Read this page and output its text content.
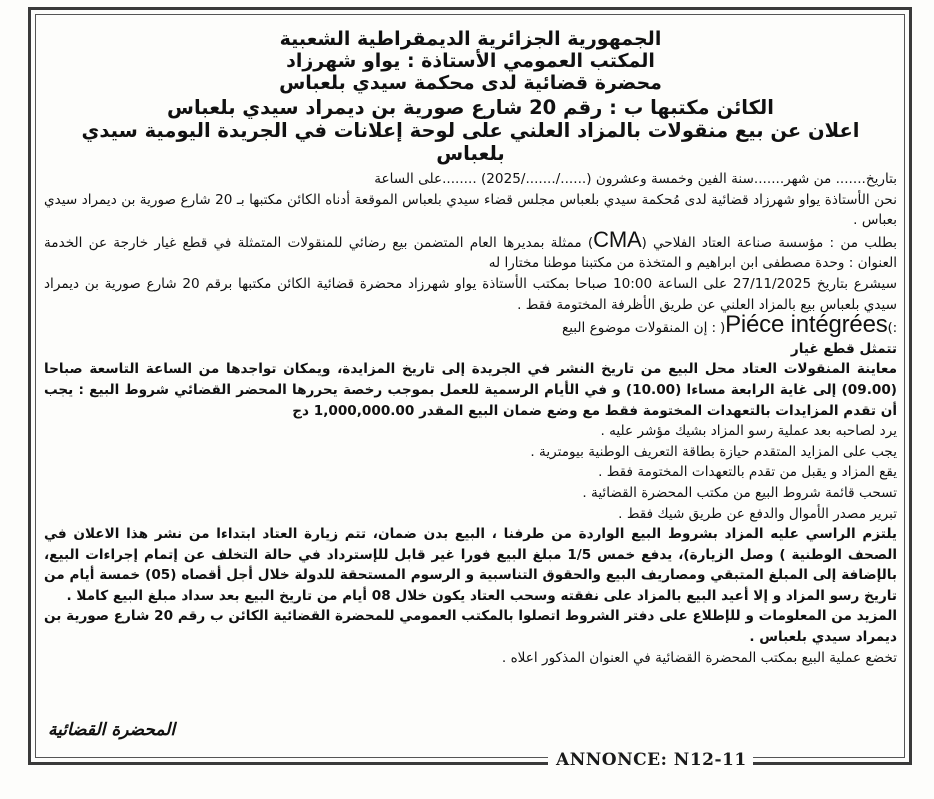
ANNONCE: N12-11
الجمهورية الجزائرية الديمقراطية الشعبية
المكتب العمومي الأستاذة : يواو شهرزاد
محضرة قضائية لدى محكمة سيدي بلعباس
الكائن مكتبها ب : رقم 20 شارع صورية بن ديمراد سيدي بلعباس
اعلان عن بيع منقولات بالمزاد العلني على لوحة إعلانات في الجريدة اليومية سيدي بلعباس

بتاريخ....... من شهر.......سنة الفين وخمسة وعشرون (....../......./2025) ........على الساعة

نحن الأستاذة يواو شهرزاد قضائية لدى مُحكمة سيدي بلعباس مجلس قضاء سيدي بلعباس الموقعة أدناه الكائن مكتبها بـ 20 شارع صورية بن ديمراد سيدي بعباس .

بطلب من : مؤسسة صناعة العتاد الفلاحي (CMA) ممثلة بمديرها العام المتضمن بيع رضائي للمنقولات المتمثلة في قطع غيار خارجة عن الخدمة العنوان : وحدة مصطفى ابن ابراهيم و المتخذة من مكتبنا موطنا مختارا له

سيشرع بتاريخ 27/11/2025 على الساعة 10:00 صباحا بمكتب الأستاذة يواو شهرزاد محضرة قضائية الكائن مكتبها برقم 20 شارع صورية بن ديمراد سيدي بلعباس بيع بالمزاد العلني عن طريق الأظرفة المختومة فقط .

:)Piéce intégrées( : إن المنقولات موضوع البيع

تتمثل قطع غيار

معاينة المنقولات العتاد محل البيع من تاريخ النشر في الجريدة إلى تاريخ المزايدة، ويمكان تواجدها من الساعة التاسعة صباحا (09.00) إلى غاية الرابعة مساءا (10.00) و في الأيام الرسمية للعمل بموجب رخصة يحررها المحضر القضائي شروط البيع : يجب أن تقدم المزايدات بالتعهدات المختومة فقط مع وضع ضمان البيع المقدر 1,000,000.00 دج

يرد لصاحبه بعد عملية رسو المزاد بشيك مؤشر عليه .

يجب على المزايد المتقدم حيازة بطاقة التعريف الوطنية بيومترية .

يقع المزاد و يقبل من تقدم بالتعهدات المختومة فقط .

تسحب قائمة شروط البيع من مكتب المحضرة القضائية .

تبرير مصدر الأموال والدفع عن طريق شيك فقط .

يلتزم الراسي عليه المزاد بشروط البيع الواردة من طرفنا ، البيع بدن ضمان، تتم زيارة العتاد ابتداءا من نشر هذا الاعلان في الصحف الوطنية ) وصل الزيارة)، يدفع خمس 1/5 مبلغ البيع فورا غير قابل للإسترداد في حالة التخلف عن إتمام إجراءات البيع، بالإضافة إلى المبلغ المتبقي ومصاريف البيع والحقوق التناسبية و الرسوم المستحقة للدولة خلال أجل أقصاه (05) خمسة أيام من تاريخ رسو المزاد و إلا أعيد البيع بالمزاد على نفقته وسحب العتاد يكون خلال 08 أيام من تاريخ البيع بعد سداد مبلغ البيع كاملا .

المزيد من المعلومات و للإطلاع على دفتر الشروط اتصلوا بالمكتب العمومي للمحضرة القضائية الكائن ب رقم 20 شارع صورية بن ديمراد سيدي بلعباس .

تخضع عملية البيع بمكتب المحضرة القضائية في العنوان المذكور اعلاه .

المحضرة القضائية
